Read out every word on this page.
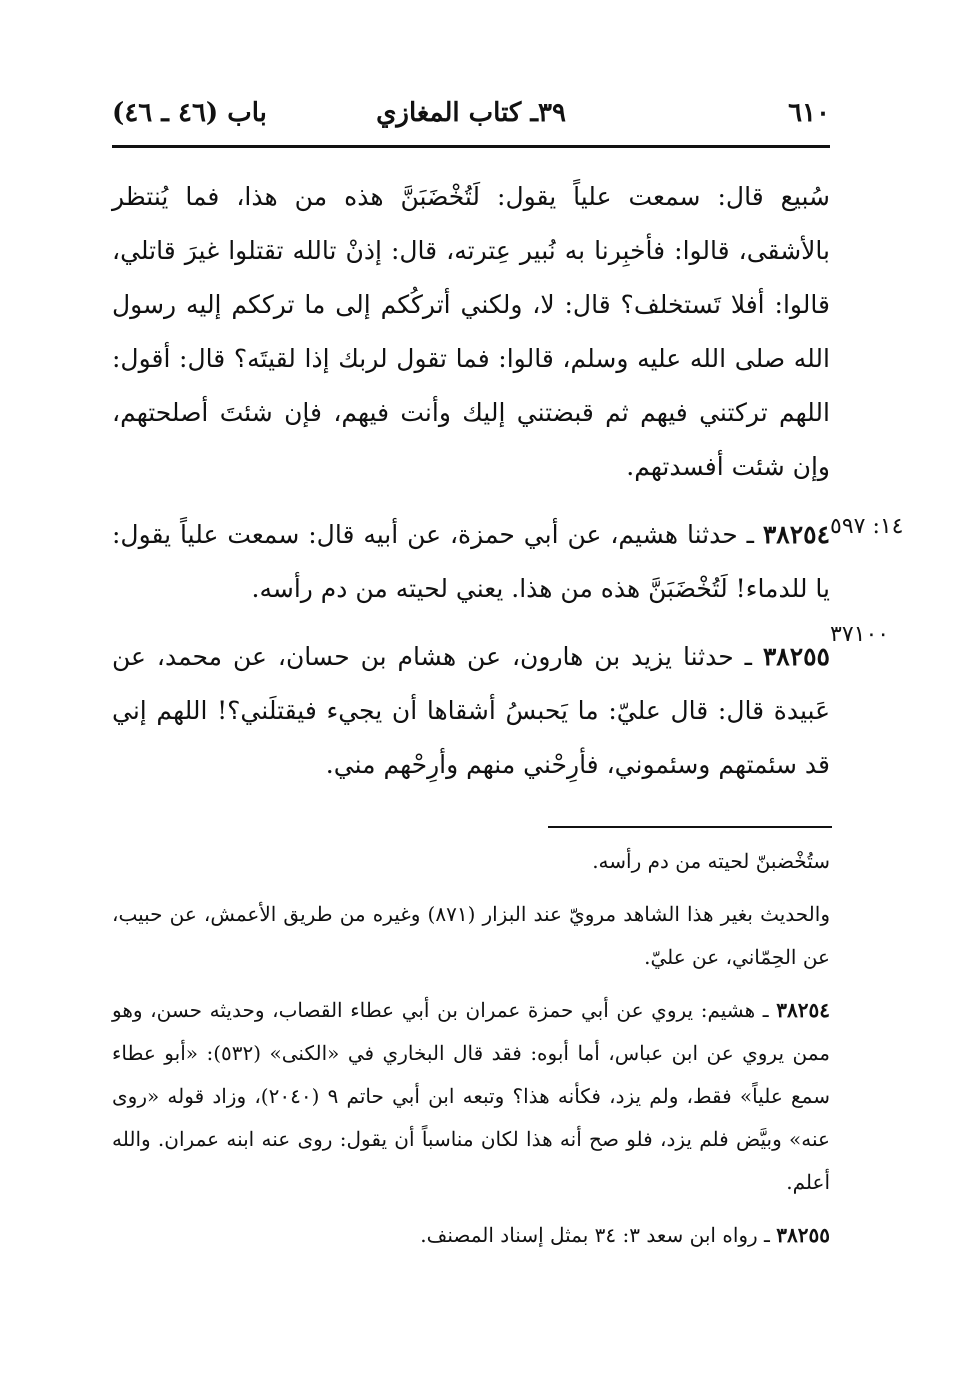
٦١٠
٣٩ـ كتاب المغازي
باب (٤٦ ـ ٤٦)

سُبيع قال: سمعت علياً يقول: لَتُخْضَبَنَّ هذه من هذا، فما يُنتظر بالأشقى، قالوا: فأخبِرنا به نُبير عِترته، قال: إذنْ تالله تقتلوا غيرَ قاتلي، قالوا: أفلا تَستخلف؟ قال: لا، ولكني أتركُكم إلى ما ترككم إليه رسول الله صلى الله عليه وسلم، قالوا: فما تقول لربك إذا لقيتَه؟ قال: أقول: اللهم تركتني فيهم ثم قبضتني إليك وأنت فيهم، فإن شئتَ أصلحتهم، وإن شئت أفسدتهم.

٣٨٢٥٤ ـ حدثنا هشيم، عن أبي حمزة، عن أبيه قال: سمعت علياً يقول: يا للدماء! لَتُخْضَبَنَّ هذه من هذا. يعني لحيته من دم رأسه.

٣٨٢٥٥ ـ حدثنا يزيد بن هارون، عن هشام بن حسان، عن محمد، عن عَبيدة قال: قال عليّ: ما يَحبسُ أشقاها أن يجيء فيقتلَني؟! اللهم إني قد سئمتهم وسئموني، فأرِحْني منهم وأرِحْهم مني.

١٤: ٥٩٧
٣٧١٠٠

ستُخْضبنّ لحيته من دم رأسه.

والحديث بغير هذا الشاهد مرويّ عند البزار (٨٧١) وغيره من طريق الأعمش، عن حبيب، عن الحِمّاني، عن عليّ.

٣٨٢٥٤ ـ هشيم: يروي عن أبي حمزة عمران بن أبي عطاء القصاب، وحديثه حسن، وهو ممن يروي عن ابن عباس، أما أبوه: فقد قال البخاري في «الكنى» (٥٣٢): «أبو عطاء سمع علياً» فقط، ولم يزد، فكأنه هذا؟ وتبعه ابن أبي حاتم ٩ (٢٠٤٠)، وزاد قوله «روى عنه» وبيَّض فلم يزد، فلو صح أنه هذا لكان مناسباً أن يقول: روى عنه ابنه عمران. والله أعلم.

٣٨٢٥٥ ـ رواه ابن سعد ٣: ٣٤ بمثل إسناد المصنف.
